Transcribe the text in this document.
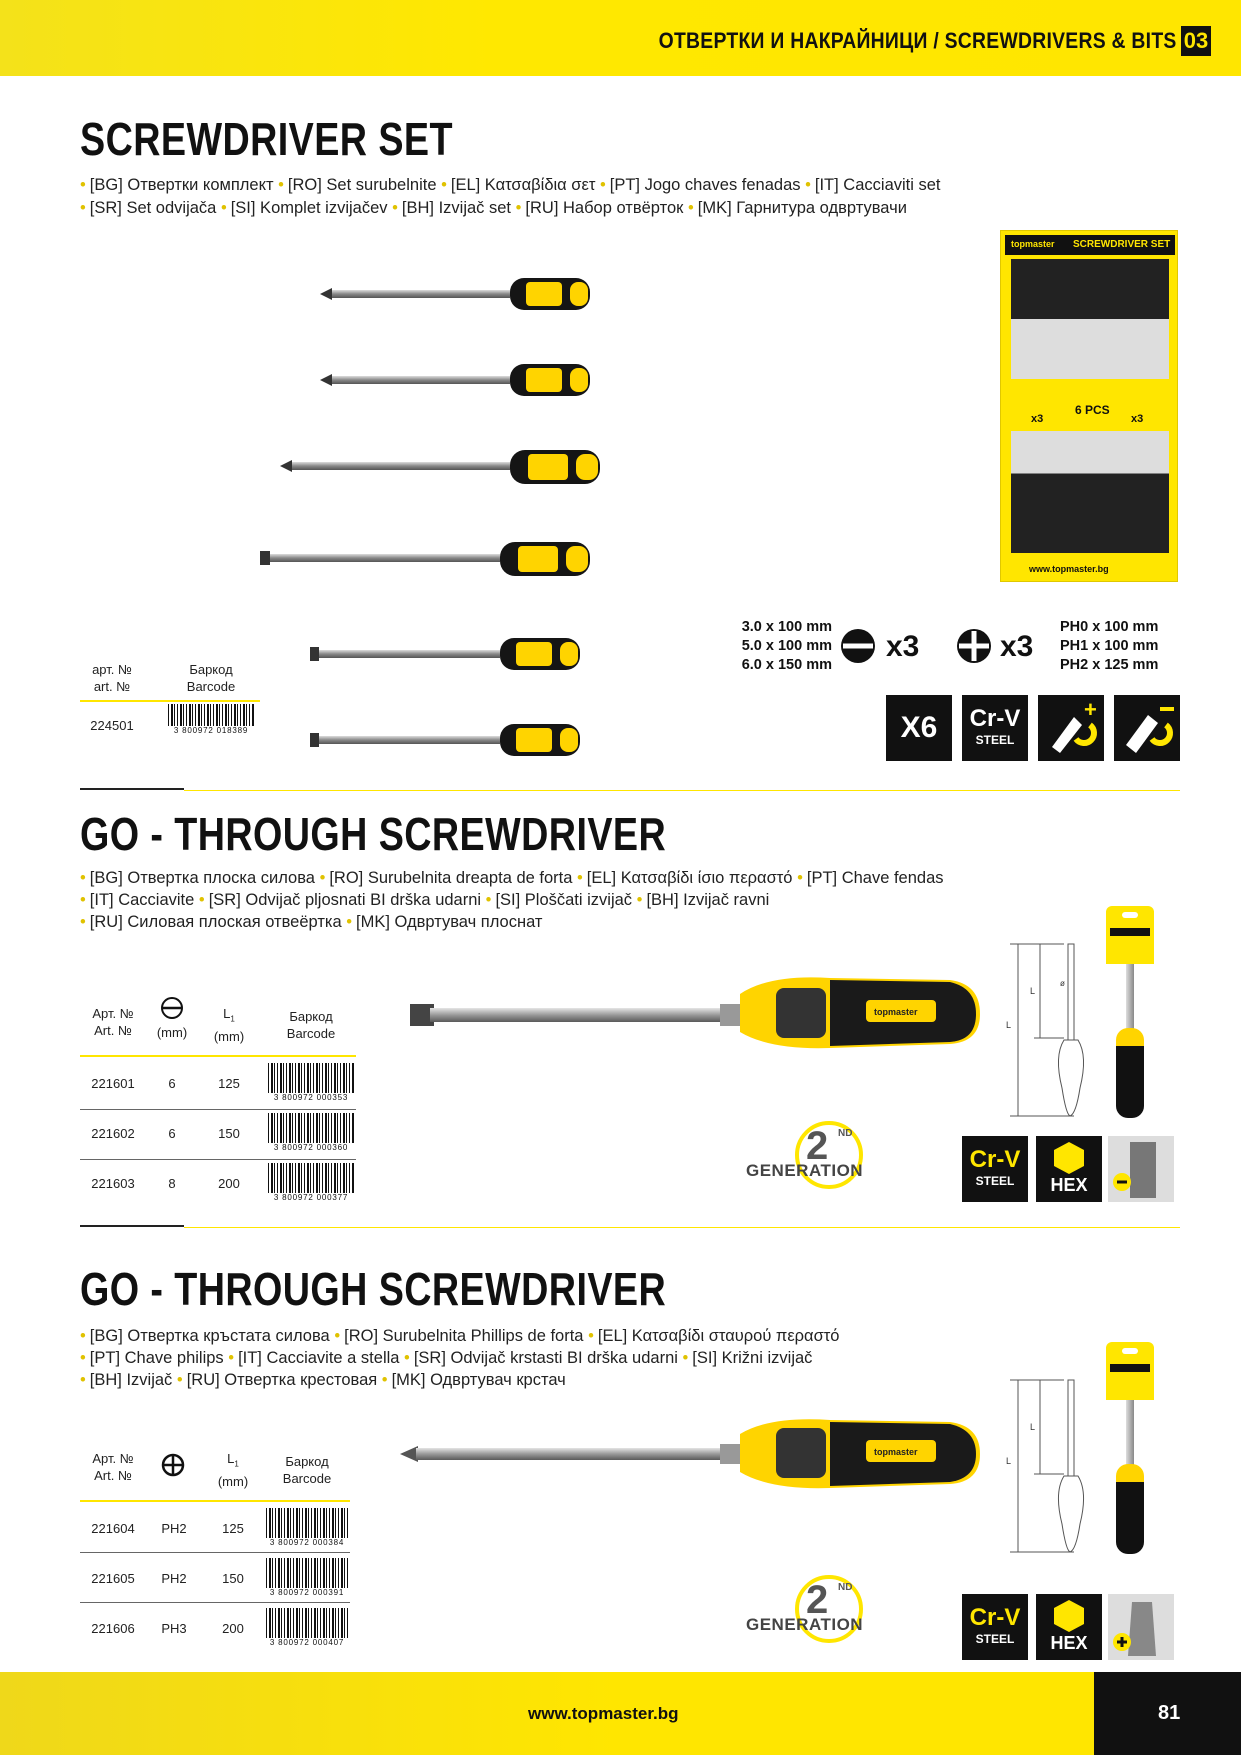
ОТВЕРТКИ И НАКРАЙНИЦИ / SCREWDRIVERS & BITS 03
SCREWDRIVER SET
• [BG] Отвертки комплект • [RO] Set surubelnite • [EL] Κατσαβίδια σετ • [PT] Jogo chaves fenadas • [IT] Cacciaviti set
• [SR] Set odvijača • [SI] Komplet izvijačev • [BH] Izvijač set • [RU] Набор отвёрток • [MK] Гарнитура одвртувачи
topmaster SCREWDRIVER SET
6 PCS
x3	x3
www.topmaster.bg
3.0 x 100 mm
5.0 x 100 mm
6.0 x 150 mm
x3	x3
PH0 x 100 mm
PH1 x 100 mm
PH2 x 125 mm
X6	Cr-V
STEEL
+
арт. №
art. №
Баркод
Barcode
224501	3 800972 018389
GO - THROUGH SCREWDRIVER
• [BG] Отвертка плоска силова • [RO] Surubelnita dreapta de forta • [EL] Κατσαβίδι ίσιο περαστό • [PT] Chave fendas
• [IT] Cacciavite • [SR] Odvijač pljosnati BI drška udarni • [SI] Ploščati izvijač • [BH] Izvijač ravni
• [RU] Силовая плоская отвеёртка • [MK] Одвртувач плоснат
Арт. №
Art. №	(mm)
$L_1$
(mm)
Баркод
Barcode
221601	6	125
3 800972 000353
221602	6	150
3 800972 000360
221603	8	200
3 800972 000377
topmaster
L
L
ø
2 ND
GENERATION	Cr-V
STEEL	HEX
GO - THROUGH SCREWDRIVER
• [BG] Отвертка кръстата силова • [RO] Surubelnita Phillips de forta • [EL] Κατσαβίδι σταυρού περαστό
• [PT] Chave philips • [IT] Cacciavite a stella • [SR] Odvijač krstasti BI drška udarni • [SI] Križni izvijač
• [BH] Izvijač • [RU] Отвертка крестовая • [MK] Одвртувач крстач
Арт. №
Art. №
$L_1$
(mm)
Баркод
Barcode
221604	PH2	125
3 800972 000384
221605	PH2	150
3 800972 000391
221606	PH3	200
3 800972 000407
topmaster
L
L
2 ND
GENERATION	Cr-V
STEEL	HEX
www.topmaster.bg	81
